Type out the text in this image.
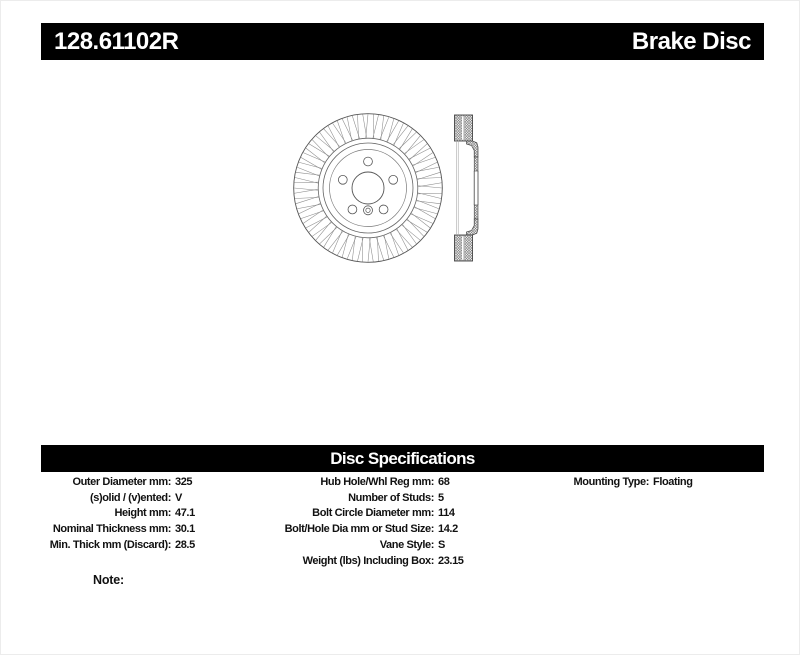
128.61102R	Brake Disc
Disc Specifications
Outer Diameter mm: 325
(s)olid / (v)ented: V
Height mm: 47.1
Nominal Thickness mm: 30.1
Min. Thick mm (Discard): 28.5
Hub Hole/Whl Reg mm: 68
Number of Studs: 5
Bolt Circle Diameter mm: 114
Bolt/Hole Dia mm or Stud Size: 14.2
Vane Style: S
Weight (lbs) Including Box: 23.15
Mounting Type: Floating
Note:
